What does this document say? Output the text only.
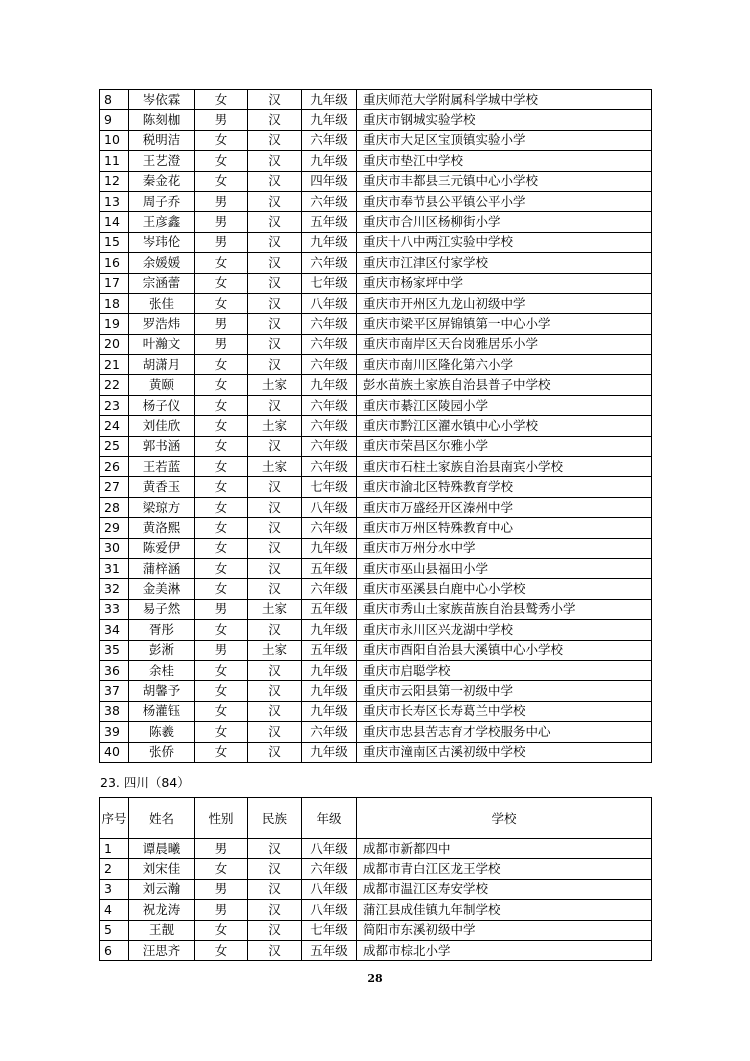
8	岑依霖	女	汉	九年级	重庆师范大学附属科学城中学校
9	陈刻枷	男	汉	九年级	重庆市钢城实验学校
10	税明洁	女	汉	六年级	重庆市大足区宝顶镇实验小学
11	王艺澄	女	汉	九年级	重庆市垫江中学校
12	秦金花	女	汉	四年级	重庆市丰都县三元镇中心小学校
13	周子乔	男	汉	六年级	重庆市奉节县公平镇公平小学
14	王彦鑫	男	汉	五年级	重庆市合川区杨柳街小学
15	岑玮伦	男	汉	九年级	重庆十八中两江实验中学校
16	余媛媛	女	汉	六年级	重庆市江津区付家学校
17	宗涵蕾	女	汉	七年级	重庆市杨家坪中学
18	张佳	女	汉	八年级	重庆市开州区九龙山初级中学
19	罗浩炜	男	汉	六年级	重庆市梁平区屏锦镇第一中心小学
20	叶瀚文	男	汉	六年级	重庆市南岸区天台岗雅居乐小学
21	胡潇月	女	汉	六年级	重庆市南川区隆化第六小学
22	黄颐	女	土家	九年级	彭水苗族土家族自治县普子中学校
23	杨子仪	女	汉	六年级	重庆市綦江区陵园小学
24	刘佳欣	女	土家	六年级	重庆市黔江区濯水镇中心小学校
25	郭书涵	女	汉	六年级	重庆市荣昌区尔雅小学
26	王若蓝	女	土家	六年级	重庆市石柱土家族自治县南宾小学校
27	黄香玉	女	汉	七年级	重庆市渝北区特殊教育学校
28	梁琼方	女	汉	八年级	重庆市万盛经开区溱州中学
29	黄洛熙	女	汉	六年级	重庆市万州区特殊教育中心
30	陈爱伊	女	汉	九年级	重庆市万州分水中学
31	蒲梓涵	女	汉	五年级	重庆市巫山县福田小学
32	金美淋	女	汉	六年级	重庆市巫溪县白鹿中心小学校
33	易子然	男	土家	五年级	重庆市秀山土家族苗族自治县鹫秀小学
34	胥彤	女	汉	九年级	重庆市永川区兴龙湖中学校
35	彭淅	男	土家	五年级	重庆市酉阳自治县大溪镇中心小学校
36	余桂	女	汉	九年级	重庆市启聪学校
37	胡馨予	女	汉	九年级	重庆市云阳县第一初级中学
38	杨灌钰	女	汉	九年级	重庆市长寿区长寿葛兰中学校
39	陈羲	女	汉	六年级	重庆市忠县苦志育才学校服务中心
40	张侨	女	汉	九年级	重庆市潼南区古溪初级中学校
23. 四川（84）
序号	姓名	性别	民族	年级	学校
1	谭晨曦	男	汉	八年级	成都市新都四中
2	刘宋佳	女	汉	六年级	成都市青白江区龙王学校
3	刘云瀚	男	汉	八年级	成都市温江区寿安学校
4	祝龙涛	男	汉	八年级	蒲江县成佳镇九年制学校
5	王靓	女	汉	七年级	简阳市东溪初级中学
6	汪思齐	女	汉	五年级	成都市棕北小学
28
